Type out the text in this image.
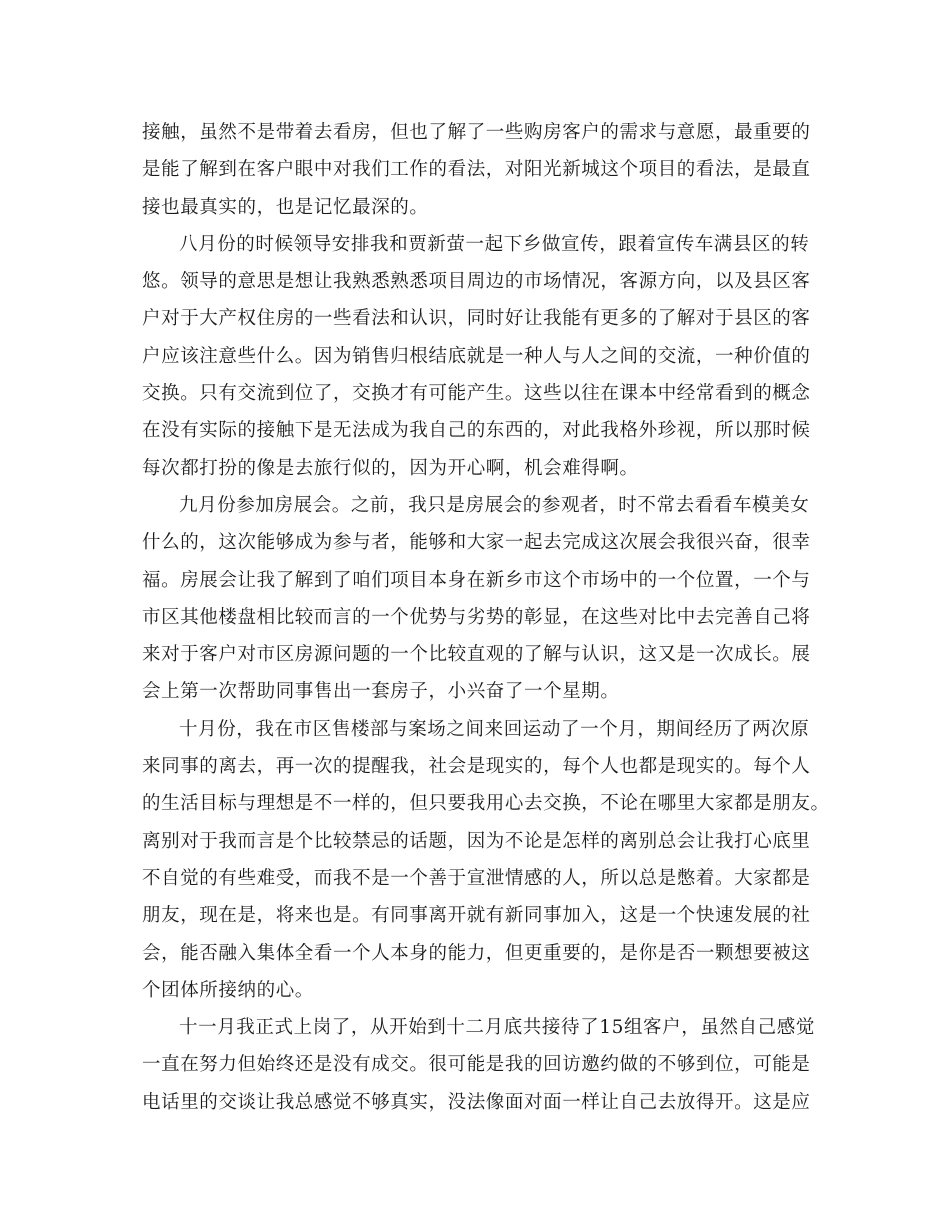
接触，虽然不是带着去看房，但也了解了一些购房客户的需求与意愿，最重要的
是能了解到在客户眼中对我们工作的看法，对阳光新城这个项目的看法，是最直
接也最真实的，也是记忆最深的。
八月份的时候领导安排我和贾新萤一起下乡做宣传，跟着宣传车满县区的转
悠。领导的意思是想让我熟悉熟悉项目周边的市场情况，客源方向，以及县区客
户对于大产权住房的一些看法和认识，同时好让我能有更多的了解对于县区的客
户应该注意些什么。因为销售归根结底就是一种人与人之间的交流，一种价值的
交换。只有交流到位了，交换才有可能产生。这些以往在课本中经常看到的概念
在没有实际的接触下是无法成为我自己的东西的，对此我格外珍视，所以那时候
每次都打扮的像是去旅行似的，因为开心啊，机会难得啊。
九月份参加房展会。之前，我只是房展会的参观者，时不常去看看车模美女
什么的，这次能够成为参与者，能够和大家一起去完成这次展会我很兴奋，很幸
福。房展会让我了解到了咱们项目本身在新乡市这个市场中的一个位置，一个与
市区其他楼盘相比较而言的一个优势与劣势的彰显，在这些对比中去完善自己将
来对于客户对市区房源问题的一个比较直观的了解与认识，这又是一次成长。展
会上第一次帮助同事售出一套房子，小兴奋了一个星期。
十月份，我在市区售楼部与案场之间来回运动了一个月，期间经历了两次原
来同事的离去，再一次的提醒我，社会是现实的，每个人也都是现实的。每个人
的生活目标与理想是不一样的，但只要我用心去交换，不论在哪里大家都是朋友。
离别对于我而言是个比较禁忌的话题，因为不论是怎样的离别总会让我打心底里
不自觉的有些难受，而我不是一个善于宣泄情感的人，所以总是憋着。大家都是
朋友，现在是，将来也是。有同事离开就有新同事加入，这是一个快速发展的社
会，能否融入集体全看一个人本身的能力，但更重要的，是你是否一颗想要被这
个团体所接纳的心。
十一月我正式上岗了，从开始到十二月底共接待了15组客户，虽然自己感觉
一直在努力但始终还是没有成交。很可能是我的回访邀约做的不够到位，可能是
电话里的交谈让我总感觉不够真实，没法像面对面一样让自己去放得开。这是应
